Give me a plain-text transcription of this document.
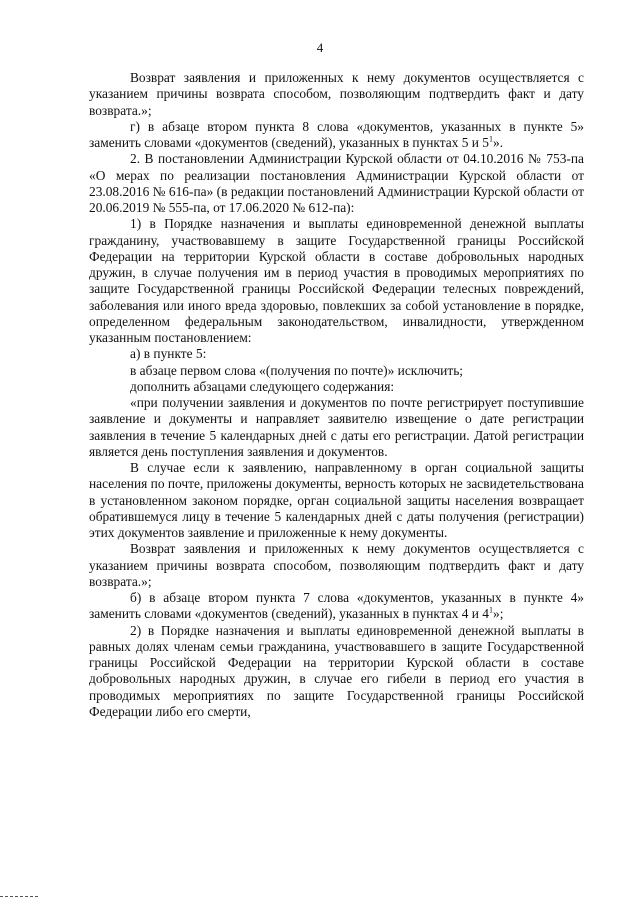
4

Возврат заявления и приложенных к нему документов осуществляется с указанием причины возврата способом, позволяющим подтвердить факт и дату возврата.»;

г) в абзаце втором пункта 8 слова «документов, указанных в пункте 5» заменить словами «документов (сведений), указанных в пунктах 5 и $5^1$».

2. В постановлении Администрации Курской области от 04.10.2016 № 753-па «О мерах по реализации постановления Администрации Курской области от 23.08.2016 № 616-па» (в редакции постановлений Администрации Курской области от 20.06.2019 № 555-па, от 17.06.2020 № 612-па):

1) в Порядке назначения и выплаты единовременной денежной выплаты гражданину, участвовавшему в защите Государственной границы Российской Федерации на территории Курской области в составе добровольных народных дружин, в случае получения им в период участия в проводимых мероприятиях по защите Государственной границы Российской Федерации телесных повреждений, заболевания или иного вреда здоровью, повлекших за собой установление в порядке, определенном федеральным законодательством, инвалидности, утвержденном указанным постановлением:

а) в пункте 5:

в абзаце первом слова «(получения по почте)» исключить;

дополнить абзацами следующего содержания:

«при получении заявления и документов по почте регистрирует поступившие заявление и документы и направляет заявителю извещение о дате регистрации заявления в течение 5 календарных дней с даты его регистрации. Датой регистрации является день поступления заявления и документов.

В случае если к заявлению, направленному в орган социальной защиты населения по почте, приложены документы, верность которых не засвидетельствована в установленном законом порядке, орган социальной защиты населения возвращает обратившемуся лицу в течение 5 календарных дней с даты получения (регистрации) этих документов заявление и приложенные к нему документы.

Возврат заявления и приложенных к нему документов осуществляется с указанием причины возврата способом, позволяющим подтвердить факт и дату возврата.»;

б) в абзаце втором пункта 7 слова «документов, указанных в пункте 4» заменить словами «документов (сведений), указанных в пунктах 4 и $4^1$»;

2) в Порядке назначения и выплаты единовременной денежной выплаты в равных долях членам семьи гражданина, участвовавшего в защите Государственной границы Российской Федерации на территории Курской области в составе добровольных народных дружин, в случае его гибели в период его участия в проводимых мероприятиях по защите Государственной границы Российской Федерации либо его смерти,
